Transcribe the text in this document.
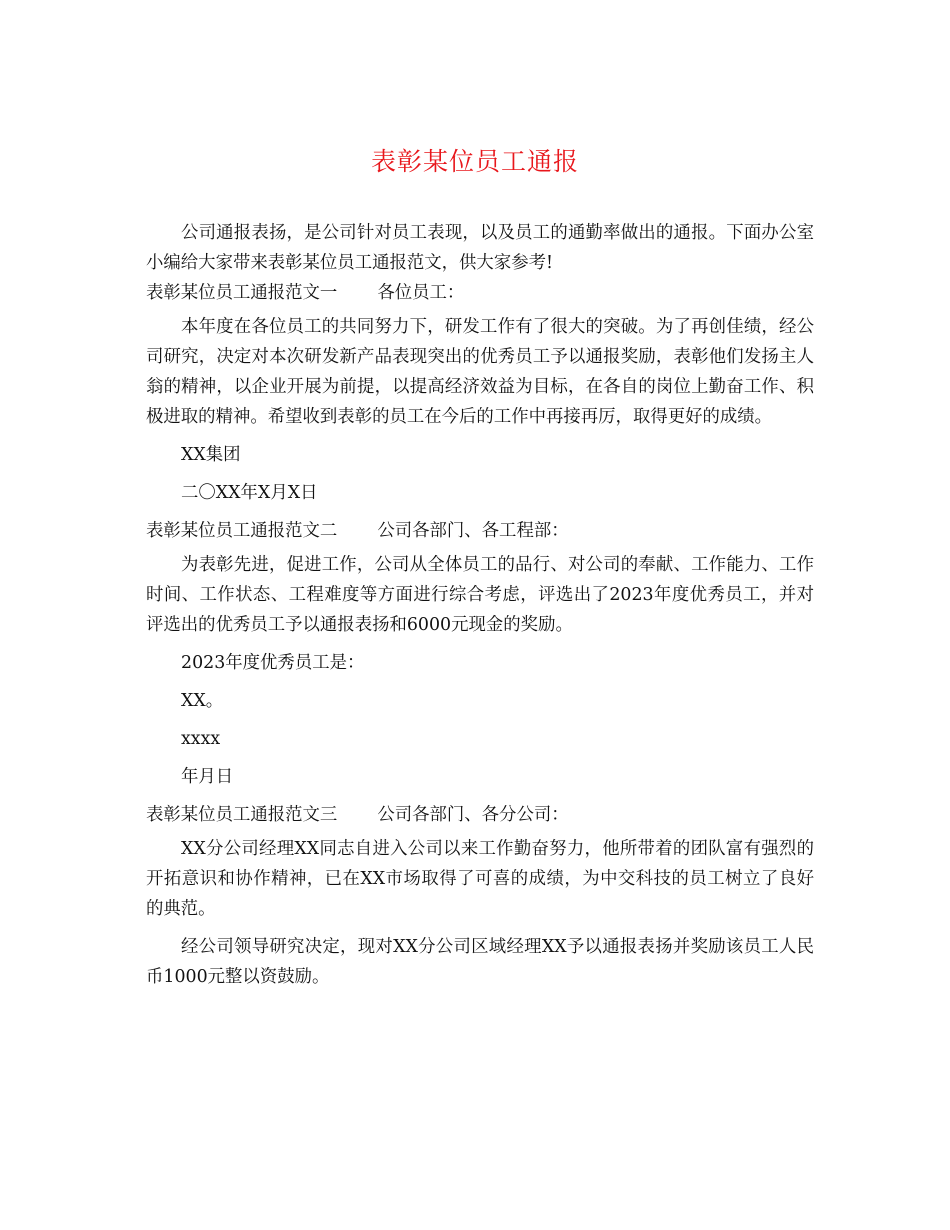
表彰某位员工通报

公司通报表扬，是公司针对员工表现，以及员工的通勤率做出的通报。下面办公室小编给大家带来表彰某位员工通报范文，供大家参考!

表彰某位员工通报范文一 各位员工：

本年度在各位员工的共同努力下，研发工作有了很大的突破。为了再创佳绩，经公司研究，决定对本次研发新产品表现突出的优秀员工予以通报奖励，表彰他们发扬主人翁的精神，以企业开展为前提，以提高经济效益为目标，在各自的岗位上勤奋工作、积极进取的精神。希望收到表彰的员工在今后的工作中再接再厉，取得更好的成绩。

XX集团

二〇XX年X月X日

表彰某位员工通报范文二 公司各部门、各工程部：

为表彰先进，促进工作，公司从全体员工的品行、对公司的奉献、工作能力、工作时间、工作状态、工程难度等方面进行综合考虑，评选出了2023年度优秀员工，并对评选出的优秀员工予以通报表扬和6000元现金的奖励。

2023年度优秀员工是：

XX。

xxxx

年月日

表彰某位员工通报范文三 公司各部门、各分公司：

XX分公司经理XX同志自进入公司以来工作勤奋努力，他所带着的团队富有强烈的开拓意识和协作精神，已在XX市场取得了可喜的成绩，为中交科技的员工树立了良好的典范。

经公司领导研究决定，现对XX分公司区域经理XX予以通报表扬并奖励该员工人民币1000元整以资鼓励。
